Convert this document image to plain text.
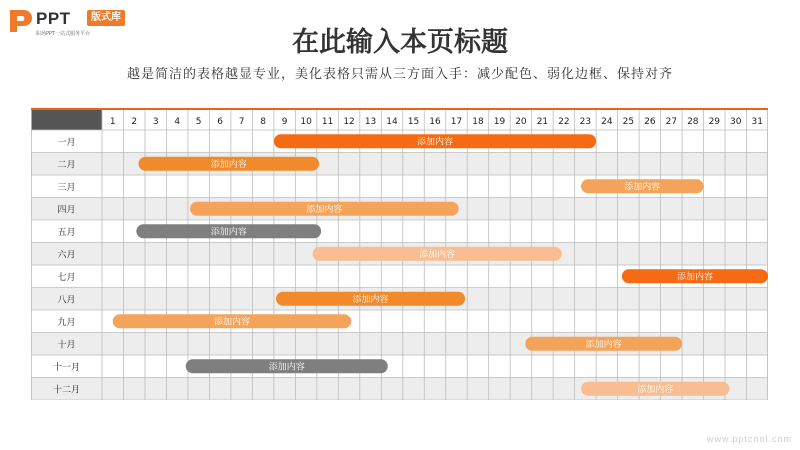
PPT	版式库
职场PPT一站式服务平台	在此输入本页标题
越是简洁的表格越显专业，美化表格只需从三方面入手：减少配色、弱化边框、保持对齐
1 2 3 4 5 6 7 8 9 10 11 12 13 14 15 16 17 18 19 20 21 22 23 24 25 26 27 28 29 30 31
一月
二月
三月
四月
五月
六月
七月
八月
九月
十月
十一月
十二月
添加内容
添加内容
添加内容
添加内容
添加内容
添加内容
添加内容
添加内容
添加内容
添加内容
添加内容
添加内容
www.pptcool.com
